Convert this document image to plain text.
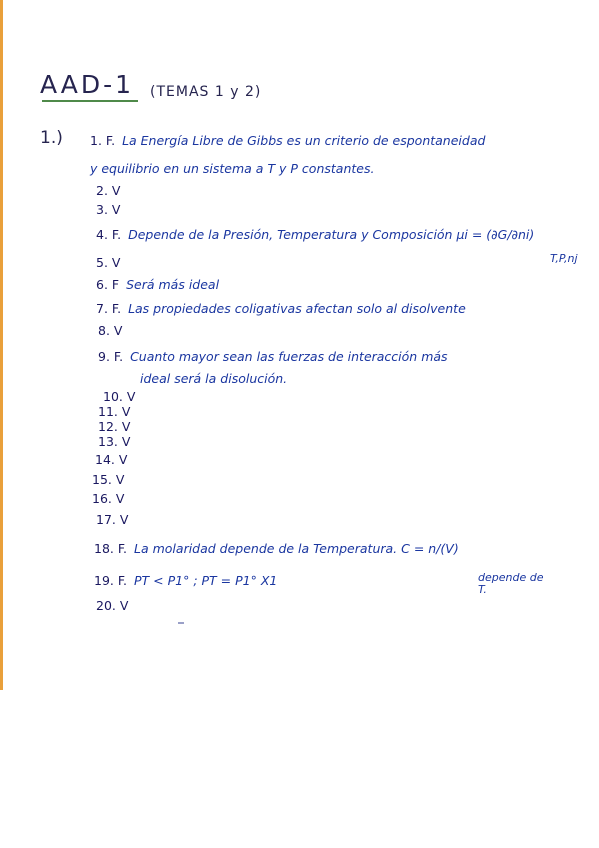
AAD-1 (TEMAS 1 y 2)
1.) 1. F. La Energía Libre de Gibbs es un criterio de espontaneidad
y equilibrio en un sistema a T y P constantes.
2. V
3. V
4. F. Depende de la Presión, Temperatura y Composición μi = (∂G/∂ni)
T,P,nj
5. V
6. F Será más ideal
7. F. Las propiedades coligativas afectan solo al disolvente
8. V
9. F. Cuanto mayor sean las fuerzas de interacción más
ideal será la disolución.
10. V
11. V
12. V
13. V
14. V
15. V
16. V
17. V
18. F. La molaridad depende de la Temperatura. C = n/(V)
19. F. PT < P1° ; PT = P1° X1	depende de T.
20. V
